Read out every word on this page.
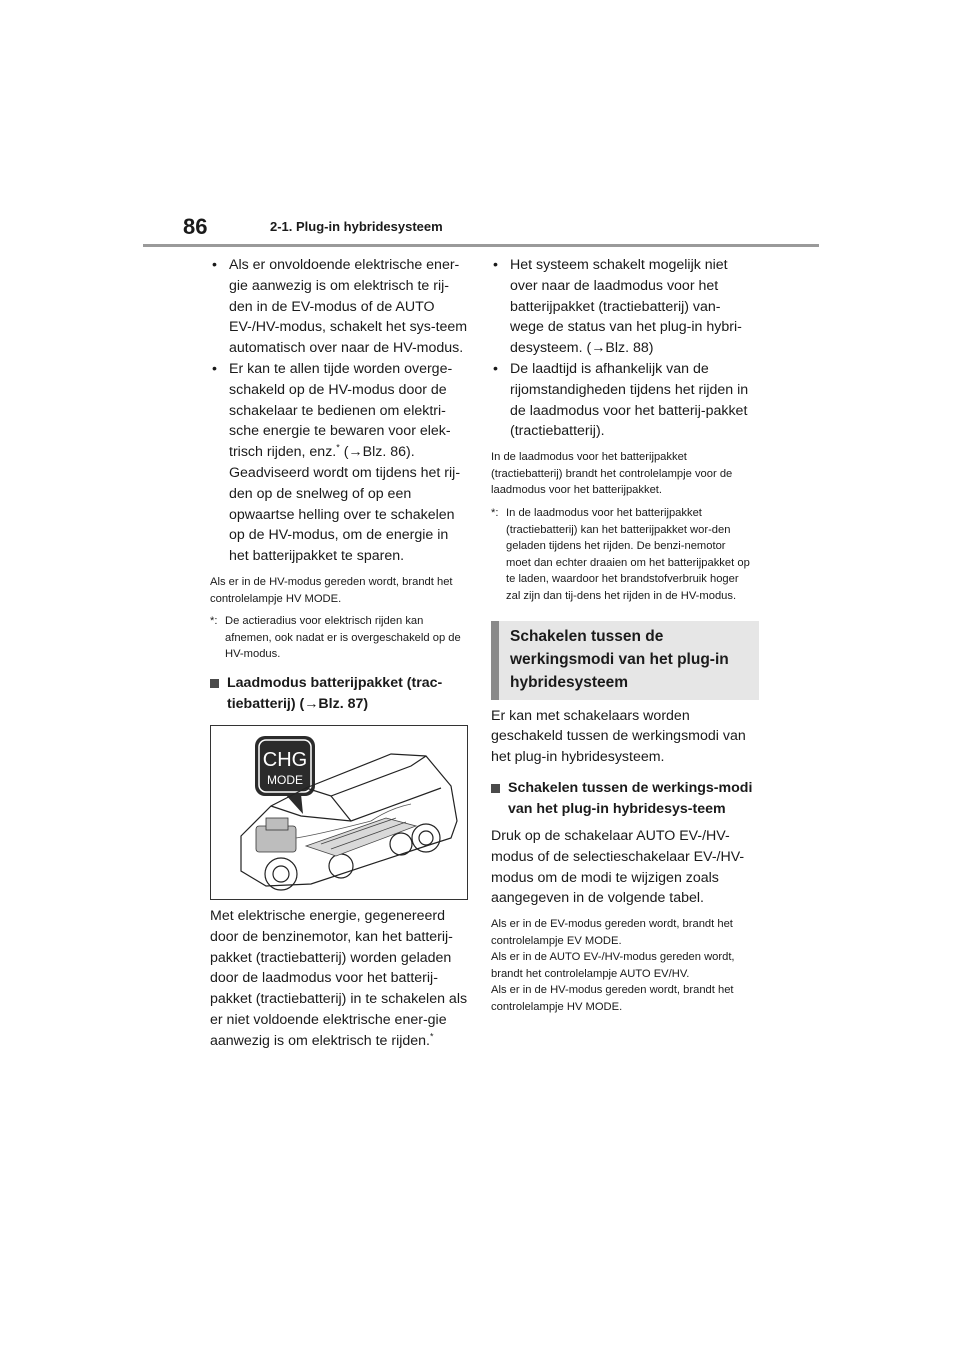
86	2-1. Plug-in hybridesysteem

• Als er onvoldoende elektrische ener-gie aanwezig is om elektrisch te rij-den in de EV-modus of de AUTO EV-/HV-modus, schakelt het sys-teem automatisch over naar de HV-modus.

• Er kan te allen tijde worden overge-schakeld op de HV-modus door de schakelaar te bedienen om elektri-sche energie te bewaren voor elek-trisch rijden, enz.* (→Blz. 86).
Geadviseerd wordt om tijdens het rij-den op de snelweg of op een opwaartse helling over te schakelen op de HV-modus, om de energie in het batterijpakket te sparen.

Als er in de HV-modus gereden wordt, brandt het controlelampje HV MODE.

*: De actieradius voor elektrisch rijden kan afnemen, ook nadat er is overgeschakeld op de HV-modus.

Laadmodus batterijpakket (trac-tiebatterij) (→Blz. 87)

CHG
MODE

Met elektrische energie, gegenereerd door de benzinemotor, kan het batterij-pakket (tractiebatterij) worden geladen door de laadmodus voor het batterij-pakket (tractiebatterij) in te schakelen als er niet voldoende elektrische ener-gie aanwezig is om elektrisch te rijden.*

• Het systeem schakelt mogelijk niet over naar de laadmodus voor het batterijpakket (tractiebatterij) van-wege de status van het plug-in hybri-desysteem. (→Blz. 88)

• De laadtijd is afhankelijk van de rijomstandigheden tijdens het rijden in de laadmodus voor het batterij-pakket (tractiebatterij).

In de laadmodus voor het batterijpakket (tractiebatterij) brandt het controlelampje voor de laadmodus voor het batterijpakket.

*: In de laadmodus voor het batterijpakket (tractiebatterij) kan het batterijpakket wor-den geladen tijdens het rijden. De benzi-nemotor moet dan echter draaien om het batterijpakket op te laden, waardoor het brandstofverbruik hoger zal zijn dan tij-dens het rijden in de HV-modus.

Schakelen tussen de werkingsmodi van het plug-in hybridesysteem

Er kan met schakelaars worden geschakeld tussen de werkingsmodi van het plug-in hybridesysteem.

Schakelen tussen de werkings-modi van het plug-in hybridesys-teem

Druk op de schakelaar AUTO EV-/HV-modus of de selectieschakelaar EV-/HV-modus om de modi te wijzigen zoals aangegeven in de volgende tabel.

Als er in de EV-modus gereden wordt, brandt het controlelampje EV MODE.
Als er in de AUTO EV-/HV-modus gereden wordt, brandt het controlelampje AUTO EV/HV.
Als er in de HV-modus gereden wordt, brandt het controlelampje HV MODE.
